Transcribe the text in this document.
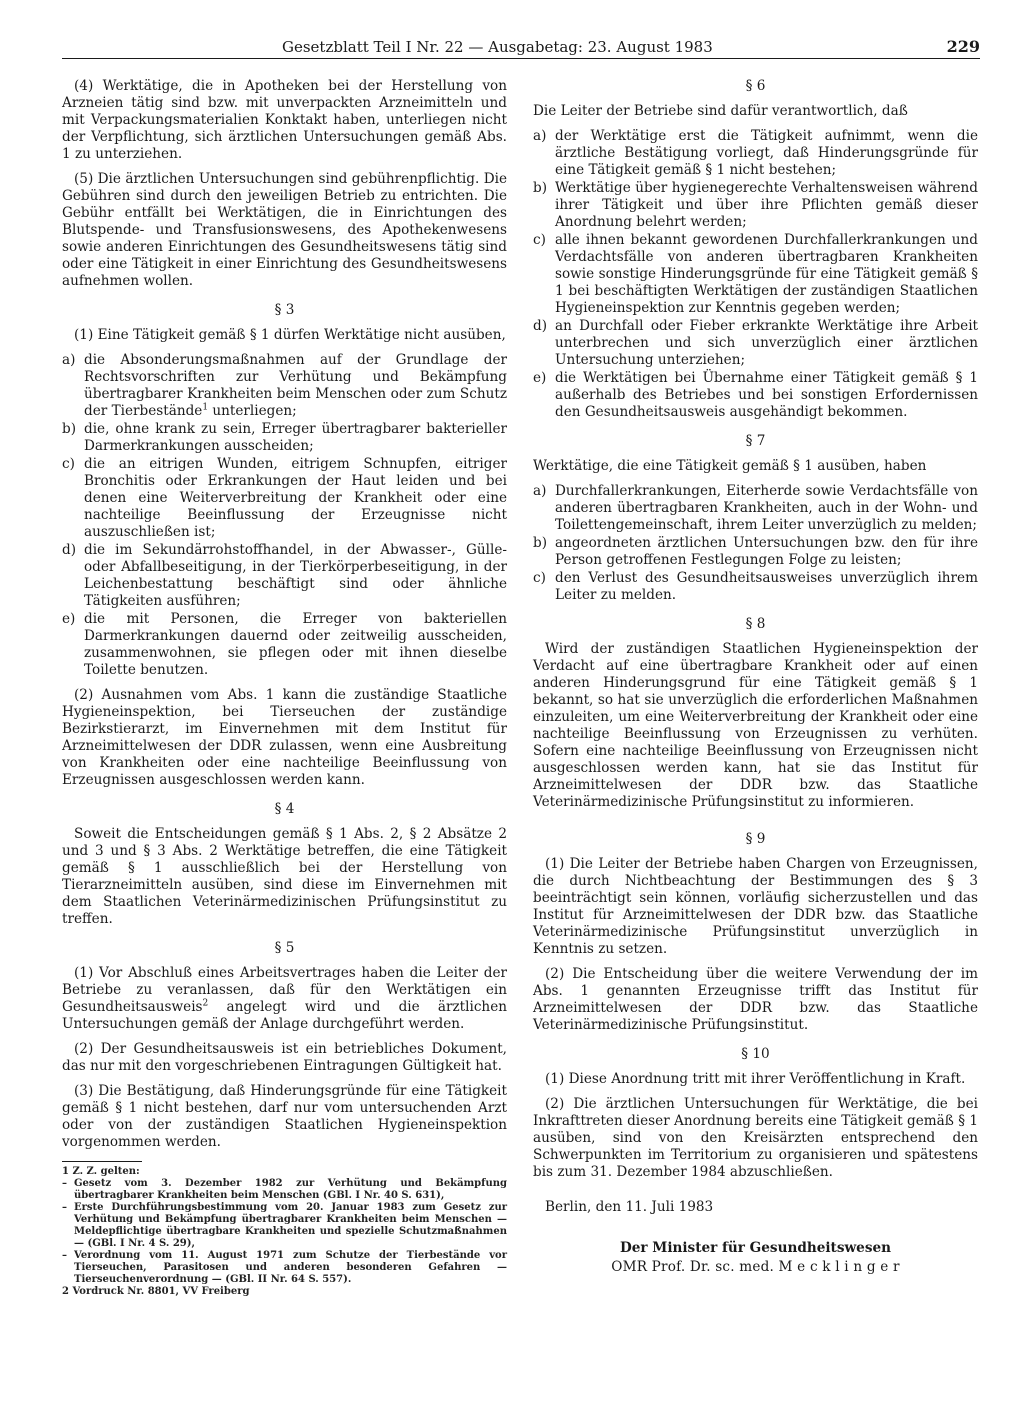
Gesetzblatt Teil I Nr. 22 — Ausgabetag: 23. August 1983	229

(4) Werktätige, die in Apotheken bei der Herstellung von Arzneien tätig sind bzw. mit unverpackten Arzneimitteln und mit Verpackungsmaterialien Konktakt haben, unterliegen nicht der Verpflichtung, sich ärztlichen Untersuchungen gemäß Abs. 1 zu unterziehen.

(5) Die ärztlichen Untersuchungen sind gebührenpflichtig. Die Gebühren sind durch den jeweiligen Betrieb zu entrichten. Die Gebühr entfällt bei Werktätigen, die in Einrichtungen des Blutspende- und Transfusionswesens, des Apothekenwesens sowie anderen Einrichtungen des Gesundheitswesens tätig sind oder eine Tätigkeit in einer Einrichtung des Gesundheitswesens aufnehmen wollen.

§ 3

(1) Eine Tätigkeit gemäß § 1 dürfen Werktätige nicht ausüben,

a) die Absonderungsmaßnahmen auf der Grundlage der Rechtsvorschriften zur Verhütung und Bekämpfung übertragbarer Krankheiten beim Menschen oder zum Schutz der Tierbestände$^1$ unterliegen;
b) die, ohne krank zu sein, Erreger übertragbarer bakterieller Darmerkrankungen ausscheiden;
c) die an eitrigen Wunden, eitrigem Schnupfen, eitriger Bronchitis oder Erkrankungen der Haut leiden und bei denen eine Weiterverbreitung der Krankheit oder eine nachteilige Beeinflussung der Erzeugnisse nicht auszuschließen ist;
d) die im Sekundärrohstoffhandel, in der Abwasser-, Gülle- oder Abfallbeseitigung, in der Tierkörperbeseitigung, in der Leichenbestattung beschäftigt sind oder ähnliche Tätigkeiten ausführen;
e) die mit Personen, die Erreger von bakteriellen Darmerkrankungen dauernd oder zeitweilig ausscheiden, zusammenwohnen, sie pflegen oder mit ihnen dieselbe Toilette benutzen.

(2) Ausnahmen vom Abs. 1 kann die zuständige Staatliche Hygieneinspektion, bei Tierseuchen der zuständige Bezirkstierarzt, im Einvernehmen mit dem Institut für Arzneimittelwesen der DDR zulassen, wenn eine Ausbreitung von Krankheiten oder eine nachteilige Beeinflussung von Erzeugnissen ausgeschlossen werden kann.

§ 4

Soweit die Entscheidungen gemäß § 1 Abs. 2, § 2 Absätze 2 und 3 und § 3 Abs. 2 Werktätige betreffen, die eine Tätigkeit gemäß § 1 ausschließlich bei der Herstellung von Tierarzneimitteln ausüben, sind diese im Einvernehmen mit dem Staatlichen Veterinärmedizinischen Prüfungsinstitut zu treffen.

§ 5

(1) Vor Abschluß eines Arbeitsvertrages haben die Leiter der Betriebe zu veranlassen, daß für den Werktätigen ein Gesundheitsausweis$^2$ angelegt wird und die ärztlichen Untersuchungen gemäß der Anlage durchgeführt werden.

(2) Der Gesundheitsausweis ist ein betriebliches Dokument, das nur mit den vorgeschriebenen Eintragungen Gültigkeit hat.

(3) Die Bestätigung, daß Hinderungsgründe für eine Tätigkeit gemäß § 1 nicht bestehen, darf nur vom untersuchenden Arzt oder von der zuständigen Staatlichen Hygieneinspektion vorgenommen werden.

1 Z. Z. gelten:
– Gesetz vom 3. Dezember 1982 zur Verhütung und Bekämpfung übertragbarer Krankheiten beim Menschen (GBl. I Nr. 40 S. 631),
– Erste Durchführungsbestimmung vom 20. Januar 1983 zum Gesetz zur Verhütung und Bekämpfung übertragbarer Krankheiten beim Menschen — Meldepflichtige übertragbare Krankheiten und spezielle Schutzmaßnahmen — (GBl. I Nr. 4 S. 29),
– Verordnung vom 11. August 1971 zum Schutze der Tierbestände vor Tierseuchen, Parasitosen und anderen besonderen Gefahren — Tierseuchenverordnung — (GBl. II Nr. 64 S. 557).
2 Vordruck Nr. 8801, VV Freiberg
§ 6

Die Leiter der Betriebe sind dafür verantwortlich, daß

a) der Werktätige erst die Tätigkeit aufnimmt, wenn die ärztliche Bestätigung vorliegt, daß Hinderungsgründe für eine Tätigkeit gemäß § 1 nicht bestehen;
b) Werktätige über hygienegerechte Verhaltensweisen während ihrer Tätigkeit und über ihre Pflichten gemäß dieser Anordnung belehrt werden;
c) alle ihnen bekannt gewordenen Durchfallerkrankungen und Verdachtsfälle von anderen übertragbaren Krankheiten sowie sonstige Hinderungsgründe für eine Tätigkeit gemäß § 1 bei beschäftigten Werktätigen der zuständigen Staatlichen Hygieneinspektion zur Kenntnis gegeben werden;
d) an Durchfall oder Fieber erkrankte Werktätige ihre Arbeit unterbrechen und sich unverzüglich einer ärztlichen Untersuchung unterziehen;
e) die Werktätigen bei Übernahme einer Tätigkeit gemäß § 1 außerhalb des Betriebes und bei sonstigen Erfordernissen den Gesundheitsausweis ausgehändigt bekommen.
§ 7

Werktätige, die eine Tätigkeit gemäß § 1 ausüben, haben

a) Durchfallerkrankungen, Eiterherde sowie Verdachtsfälle von anderen übertragbaren Krankheiten, auch in der Wohn- und Toilettengemeinschaft, ihrem Leiter unverzüglich zu melden;
b) angeordneten ärztlichen Untersuchungen bzw. den für ihre Person getroffenen Festlegungen Folge zu leisten;
c) den Verlust des Gesundheitsausweises unverzüglich ihrem Leiter zu melden.
§ 8

Wird der zuständigen Staatlichen Hygieneinspektion der Verdacht auf eine übertragbare Krankheit oder auf einen anderen Hinderungsgrund für eine Tätigkeit gemäß § 1 bekannt, so hat sie unverzüglich die erforderlichen Maßnahmen einzuleiten, um eine Weiterverbreitung der Krankheit oder eine nachteilige Beeinflussung von Erzeugnissen zu verhüten. Sofern eine nachteilige Beeinflussung von Erzeugnissen nicht ausgeschlossen werden kann, hat sie das Institut für Arzneimittelwesen der DDR bzw. das Staatliche Veterinärmedizinische Prüfungsinstitut zu informieren.

§ 9

(1) Die Leiter der Betriebe haben Chargen von Erzeugnissen, die durch Nichtbeachtung der Bestimmungen des § 3 beeinträchtigt sein können, vorläufig sicherzustellen und das Institut für Arzneimittelwesen der DDR bzw. das Staatliche Veterinärmedizinische Prüfungsinstitut unverzüglich in Kenntnis zu setzen.

(2) Die Entscheidung über die weitere Verwendung der im Abs. 1 genannten Erzeugnisse trifft das Institut für Arzneimittelwesen der DDR bzw. das Staatliche Veterinärmedizinische Prüfungsinstitut.

§ 10

(1) Diese Anordnung tritt mit ihrer Veröffentlichung in Kraft.

(2) Die ärztlichen Untersuchungen für Werktätige, die bei Inkrafttreten dieser Anordnung bereits eine Tätigkeit gemäß § 1 ausüben, sind von den Kreisärzten entsprechend den Schwerpunkten im Territorium zu organisieren und spätestens bis zum 31. Dezember 1984 abzuschließen.

Berlin, den 11. Juli 1983
Der Minister für Gesundheitswesen
OMR Prof. Dr. sc. med. M e c k l i n g e r
